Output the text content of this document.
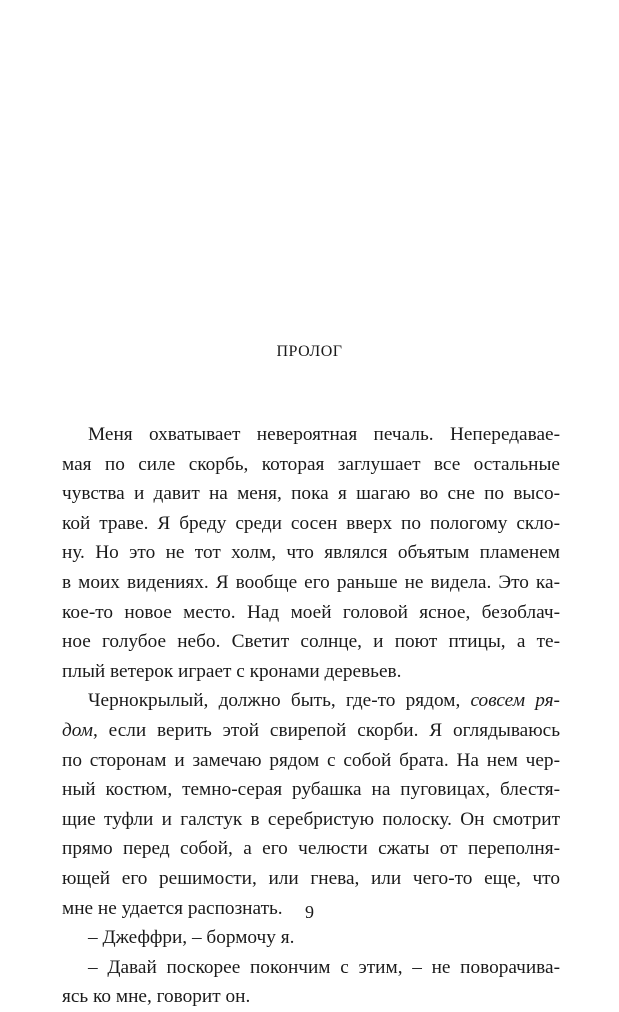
ПРОЛОГ
Меня охватывает невероятная печаль. Непередавае-
мая по силе скорбь, которая заглушает все остальные
чувства и давит на меня, пока я шагаю во сне по высо-
кой траве. Я бреду среди сосен вверх по пологому скло-
ну. Но это не тот холм, что являлся объятым пламенем
в моих видениях. Я вообще его раньше не видела. Это ка-
кое-то новое место. Над моей головой ясное, безоблач-
ное голубое небо. Светит солнце, и поют птицы, а те-
плый ветерок играет с кронами деревьев.
Чернокрылый, должно быть, где-то рядом, совсем ря-
дом, если верить этой свирепой скорби. Я оглядываюсь
по сторонам и замечаю рядом с собой брата. На нем чер-
ный костюм, темно-серая рубашка на пуговицах, блестя-
щие туфли и галстук в серебристую полоску. Он смотрит
прямо перед собой, а его челюсти сжаты от переполня-
ющей его решимости, или гнева, или чего-то еще, что
мне не удается распознать.
– Джеффри, – бормочу я.
– Давай поскорее покончим с этим, – не поворачива-
ясь ко мне, говорит он.
9
